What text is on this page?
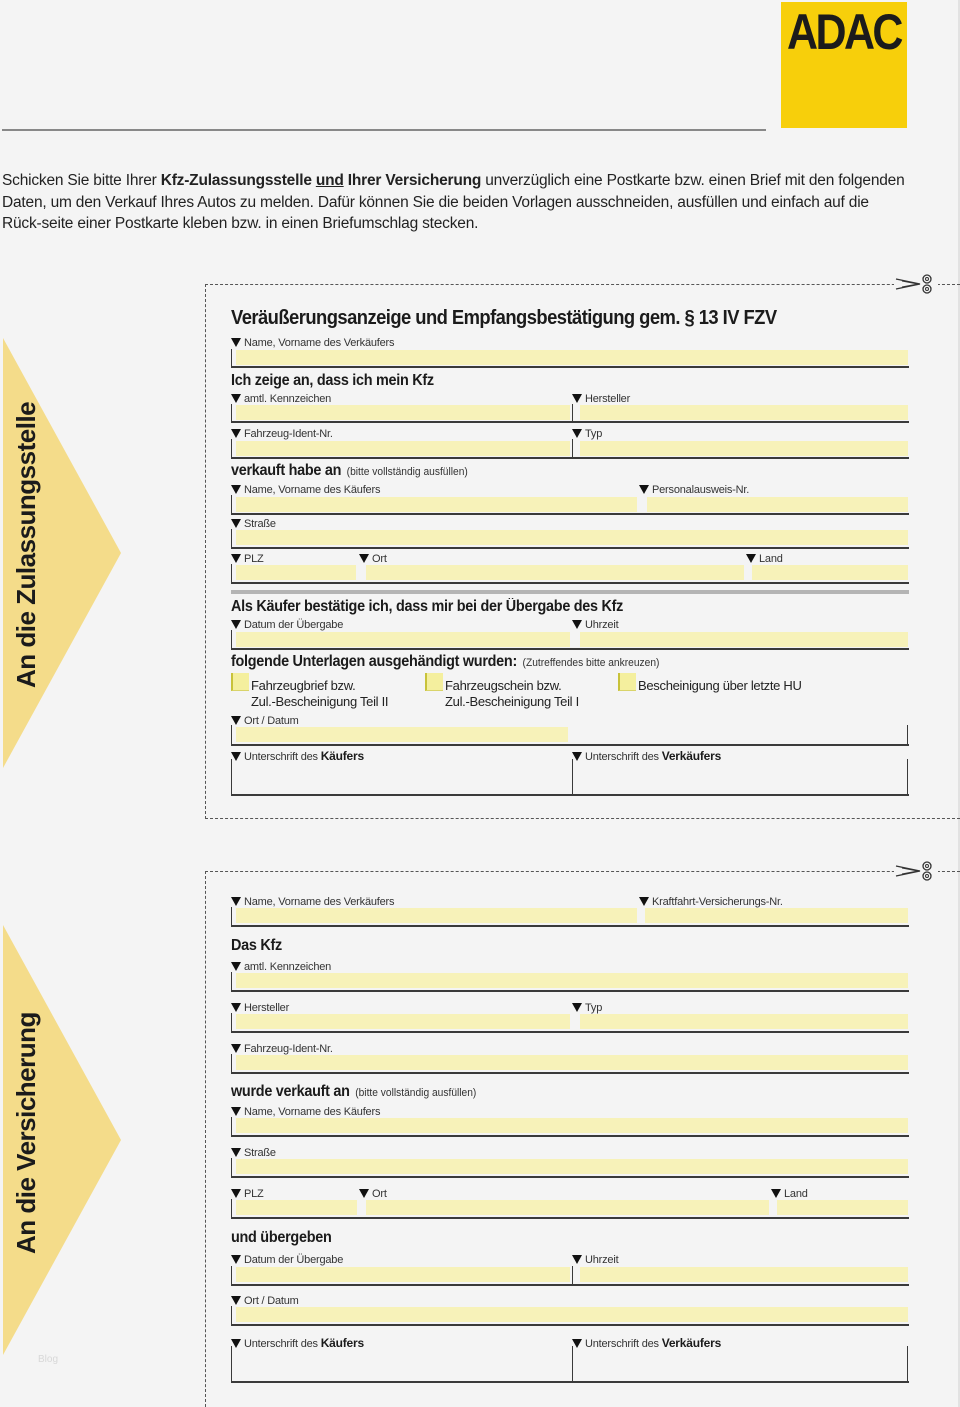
ADAC

Schicken Sie bitte Ihrer Kfz-Zulassungsstelle und Ihrer Versicherung unverzüglich eine Postkarte bzw. einen Brief mit den folgenden Daten, um den Verkauf Ihres Autos zu melden. Dafür können Sie die beiden Vorlagen ausschneiden, ausfüllen und einfach auf die Rück-seite einer Postkarte kleben bzw. in einen Briefumschlag stecken.

An die Zulassungsstelle
An die Versicherung
Blog
Veräußerungsanzeige und Empfangsbestätigung gem. § 13 IV FZV
Name, Vorname des Verkäufers
Ich zeige an, dass ich mein Kfz
amtl. Kennzeichen	Hersteller
Fahrzeug-Ident-Nr.	Typ
verkauft habe an (bitte vollständig ausfüllen)
Name, Vorname des Käufers	Personalausweis-Nr.
Straße
PLZ	Ort	Land
Als Käufer bestätige ich, dass mir bei der Übergabe des Kfz
Datum der Übergabe	Uhrzeit
folgende Unterlagen ausgehändigt wurden: (Zutreffendes bitte ankreuzen)
Fahrzeugbrief bzw.
Zul.-Bescheinigung Teil II
Fahrzeugschein bzw.
Zul.-Bescheinigung Teil I
Bescheinigung über letzte HU
Ort / Datum
Unterschrift des Käufers	Unterschrift des Verkäufers
Name, Vorname des Verkäufers	Kraftfahrt-Versicherungs-Nr.
Das Kfz
amtl. Kennzeichen
Hersteller	Typ
Fahrzeug-Ident-Nr.
wurde verkauft an (bitte vollständig ausfüllen)
Name, Vorname des Käufers
Straße
PLZ	Ort	Land
und übergeben
Datum der Übergabe	Uhrzeit
Ort / Datum
Unterschrift des Käufers	Unterschrift des Verkäufers
